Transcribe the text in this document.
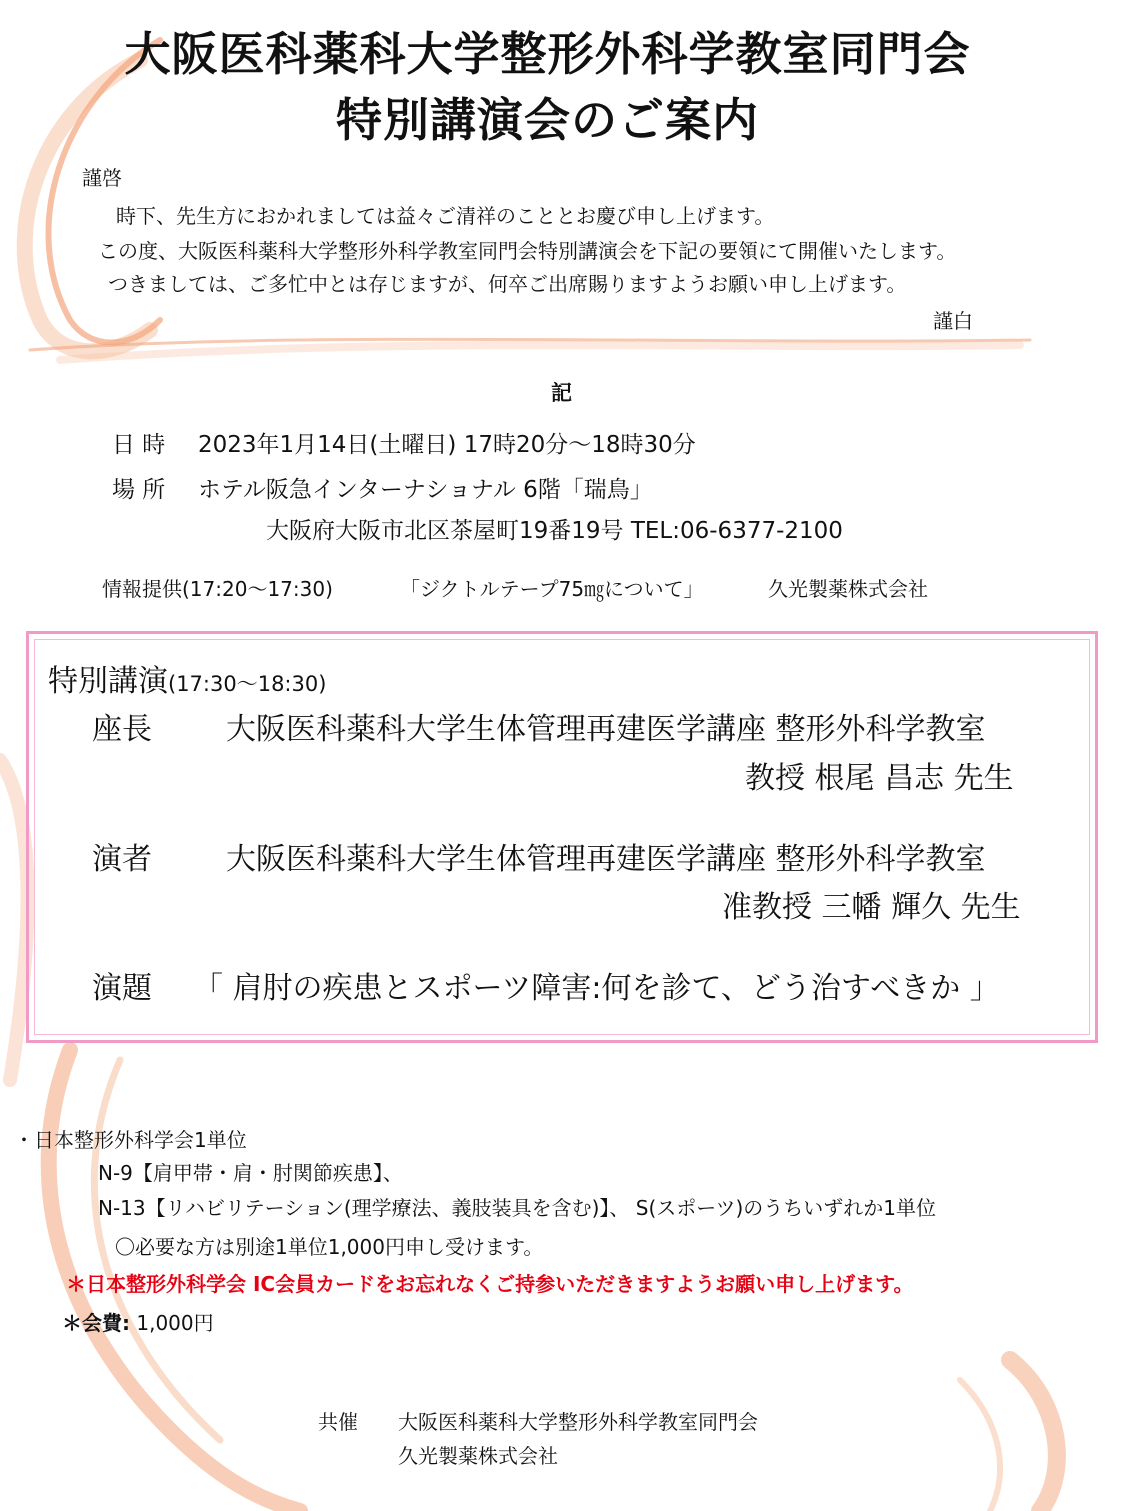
大阪医科薬科大学整形外科学教室同門会
特別講演会のご案内
謹啓
時下、先生方におかれましては益々ご清祥のこととお慶び申し上げます。
この度、大阪医科薬科大学整形外科学教室同門会特別講演会を下記の要領にて開催いたします。
つきましては、ご多忙中とは存じますが、何卒ご出席賜りますようお願い申し上げます。
謹白
記
日 時 2023年1月14日(土曜日) 17時20分～18時30分
場 所 ホテル阪急インターナショナル 6階「瑞鳥」
大阪府大阪市北区茶屋町19番19号 TEL:06-6377-2100
情報提供(17:20～17:30)	「ジクトルテープ75㎎について」	久光製薬株式会社
特別講演(17:30～18:30)
座長 大阪医科薬科大学生体管理再建医学講座 整形外科学教室
教授 根尾 昌志 先生
演者 大阪医科薬科大学生体管理再建医学講座 整形外科学教室
准教授 三幡 輝久 先生
演題 「 肩肘の疾患とスポーツ障害:何を診て、どう治すべきか 」
・日本整形外科学会1単位
N-9【肩甲帯・肩・肘関節疾患】、
N-13【リハビリテーション(理学療法、義肢装具を含む)】、 S(スポーツ)のうちいずれか1単位
〇必要な方は別途1単位1,000円申し受けます。
＊日本整形外科学会 IC会員カードをお忘れなくご持参いただきますようお願い申し上げます。
＊会費: 1,000円
共催 大阪医科薬科大学整形外科学教室同門会
久光製薬株式会社
